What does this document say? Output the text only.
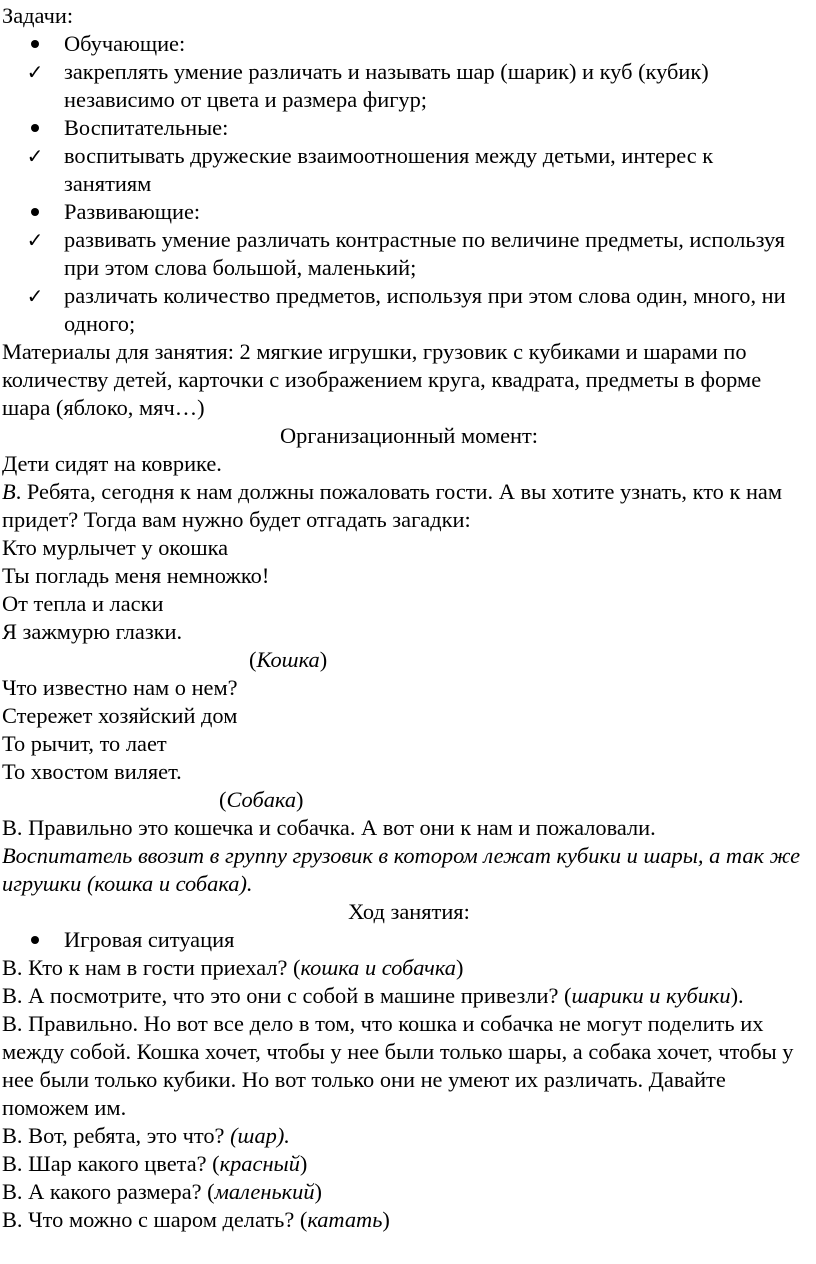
Задачи:

Обучающие:
✓ закреплять умение различать и называть шар (шарик) и куб (кубик) независимо от цвета и размера фигур;
Воспитательные:
✓ воспитывать дружеские взаимоотношения между детьми, интерес к занятиям
Развивающие:
✓ развивать умение различать контрастные по величине предметы, используя при этом слова большой, маленький;
✓ различать количество предметов, используя при этом слова один, много, ни одного;

Материалы для занятия: 2 мягкие игрушки, грузовик с кубиками и шарами по количеству детей, карточки с изображением круга, квадрата, предметы в форме шара (яблоко, мяч…)

Организационный момент:

Дети сидят на коврике.

В. Ребята, сегодня к нам должны пожаловать гости. А вы хотите узнать, кто к нам придет? Тогда вам нужно будет отгадать загадки:

Кто мурлычет у окошка

Ты погладь меня немножко!

От тепла и ласки

Я зажмурю глазки.

(Кошка)

Что известно нам о нем?

Стережет хозяйский дом

То рычит, то лает

То хвостом виляет.

(Собака)

В. Правильно это кошечка и собачка. А вот они к нам и пожаловали.

Воспитатель ввозит в группу грузовик в котором лежат кубики и шары, а так же игрушки (кошка и собака).

Ход занятия:

Игровая ситуация

В. Кто к нам в гости приехал? (кошка и собачка)

В. А посмотрите, что это они с собой в машине привезли? (шарики и кубики).

В. Правильно. Но вот все дело в том, что кошка и собачка не могут поделить их между собой. Кошка хочет, чтобы у нее были только шары, а собака хочет, чтобы у нее были только кубики. Но вот только они не умеют их различать. Давайте поможем им.

В. Вот, ребята, это что? (шар).

В. Шар какого цвета? (красный)

В. А какого размера? (маленький)

В. Что можно с шаром делать? (катать)
